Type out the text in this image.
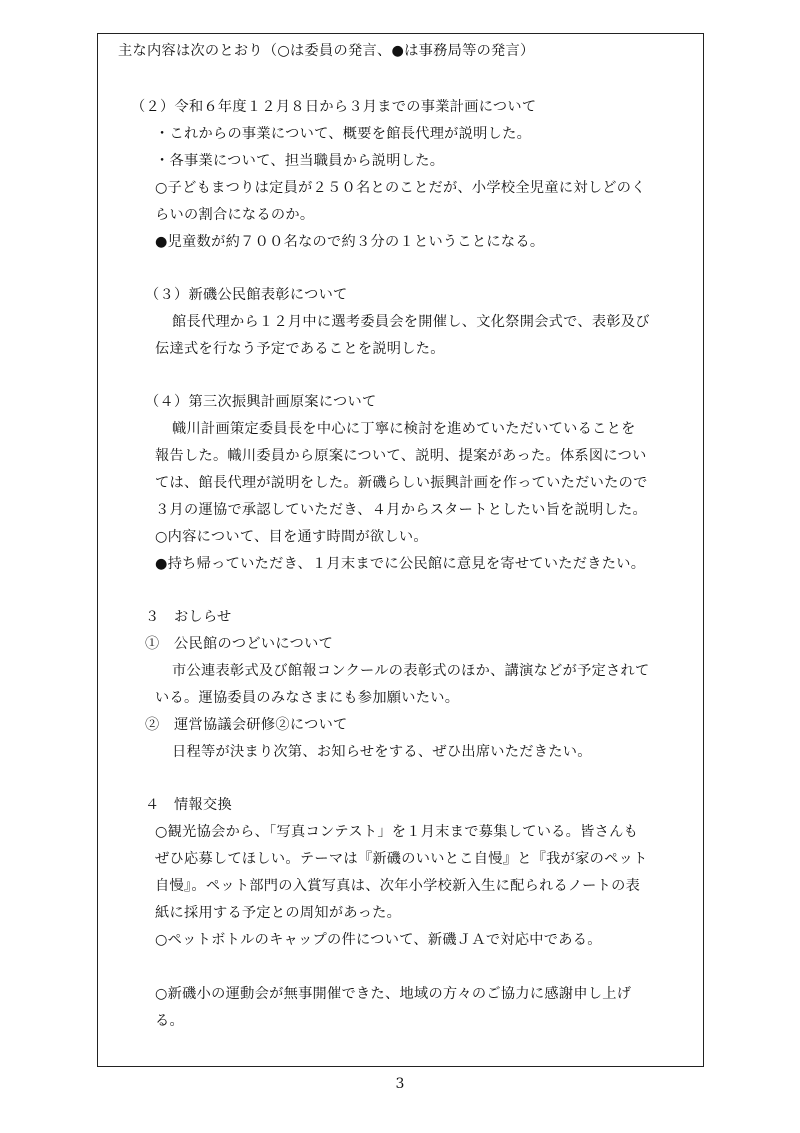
主な内容は次のとおり（○は委員の発言、●は事務局等の発言）
（２）令和６年度１２月８日から３月までの事業計画について
・これからの事業について、概要を館長代理が説明した。
・各事業について、担当職員から説明した。
○子どもまつりは定員が２５０名とのことだが、小学校全児童に対しどのく
らいの割合になるのか。
●児童数が約７００名なので約３分の１ということになる。
（３）新磯公民館表彰について
館長代理から１２月中に選考委員会を開催し、文化祭開会式で、表彰及び
伝達式を行なう予定であることを説明した。
（４）第三次振興計画原案について
幟川計画策定委員長を中心に丁寧に検討を進めていただいていることを
報告した。幟川委員から原案について、説明、提案があった。体系図につい
ては、館長代理が説明をした。新磯らしい振興計画を作っていただいたので
３月の運協で承認していただき、４月からスタートとしたい旨を説明した。
○内容について、目を通す時間が欲しい。
●持ち帰っていただき、１月末までに公民館に意見を寄せていただきたい。
３　おしらせ
①　公民館のつどいについて
市公連表彰式及び館報コンクールの表彰式のほか、講演などが予定されて
いる。運協委員のみなさまにも参加願いたい。
②　運営協議会研修②について
日程等が決まり次第、お知らせをする、ぜひ出席いただきたい。
４　情報交換
○観光協会から、「写真コンテスト」を１月末まで募集している。皆さんも
ぜひ応募してほしい。テーマは『新磯のいいとこ自慢』と『我が家のペット
自慢』。ペット部門の入賞写真は、次年小学校新入生に配られるノートの表
紙に採用する予定との周知があった。
○ペットボトルのキャップの件について、新磯ＪＡで対応中である。
○新磯小の運動会が無事開催できた、地域の方々のご協力に感謝申し上げ
る。
3
